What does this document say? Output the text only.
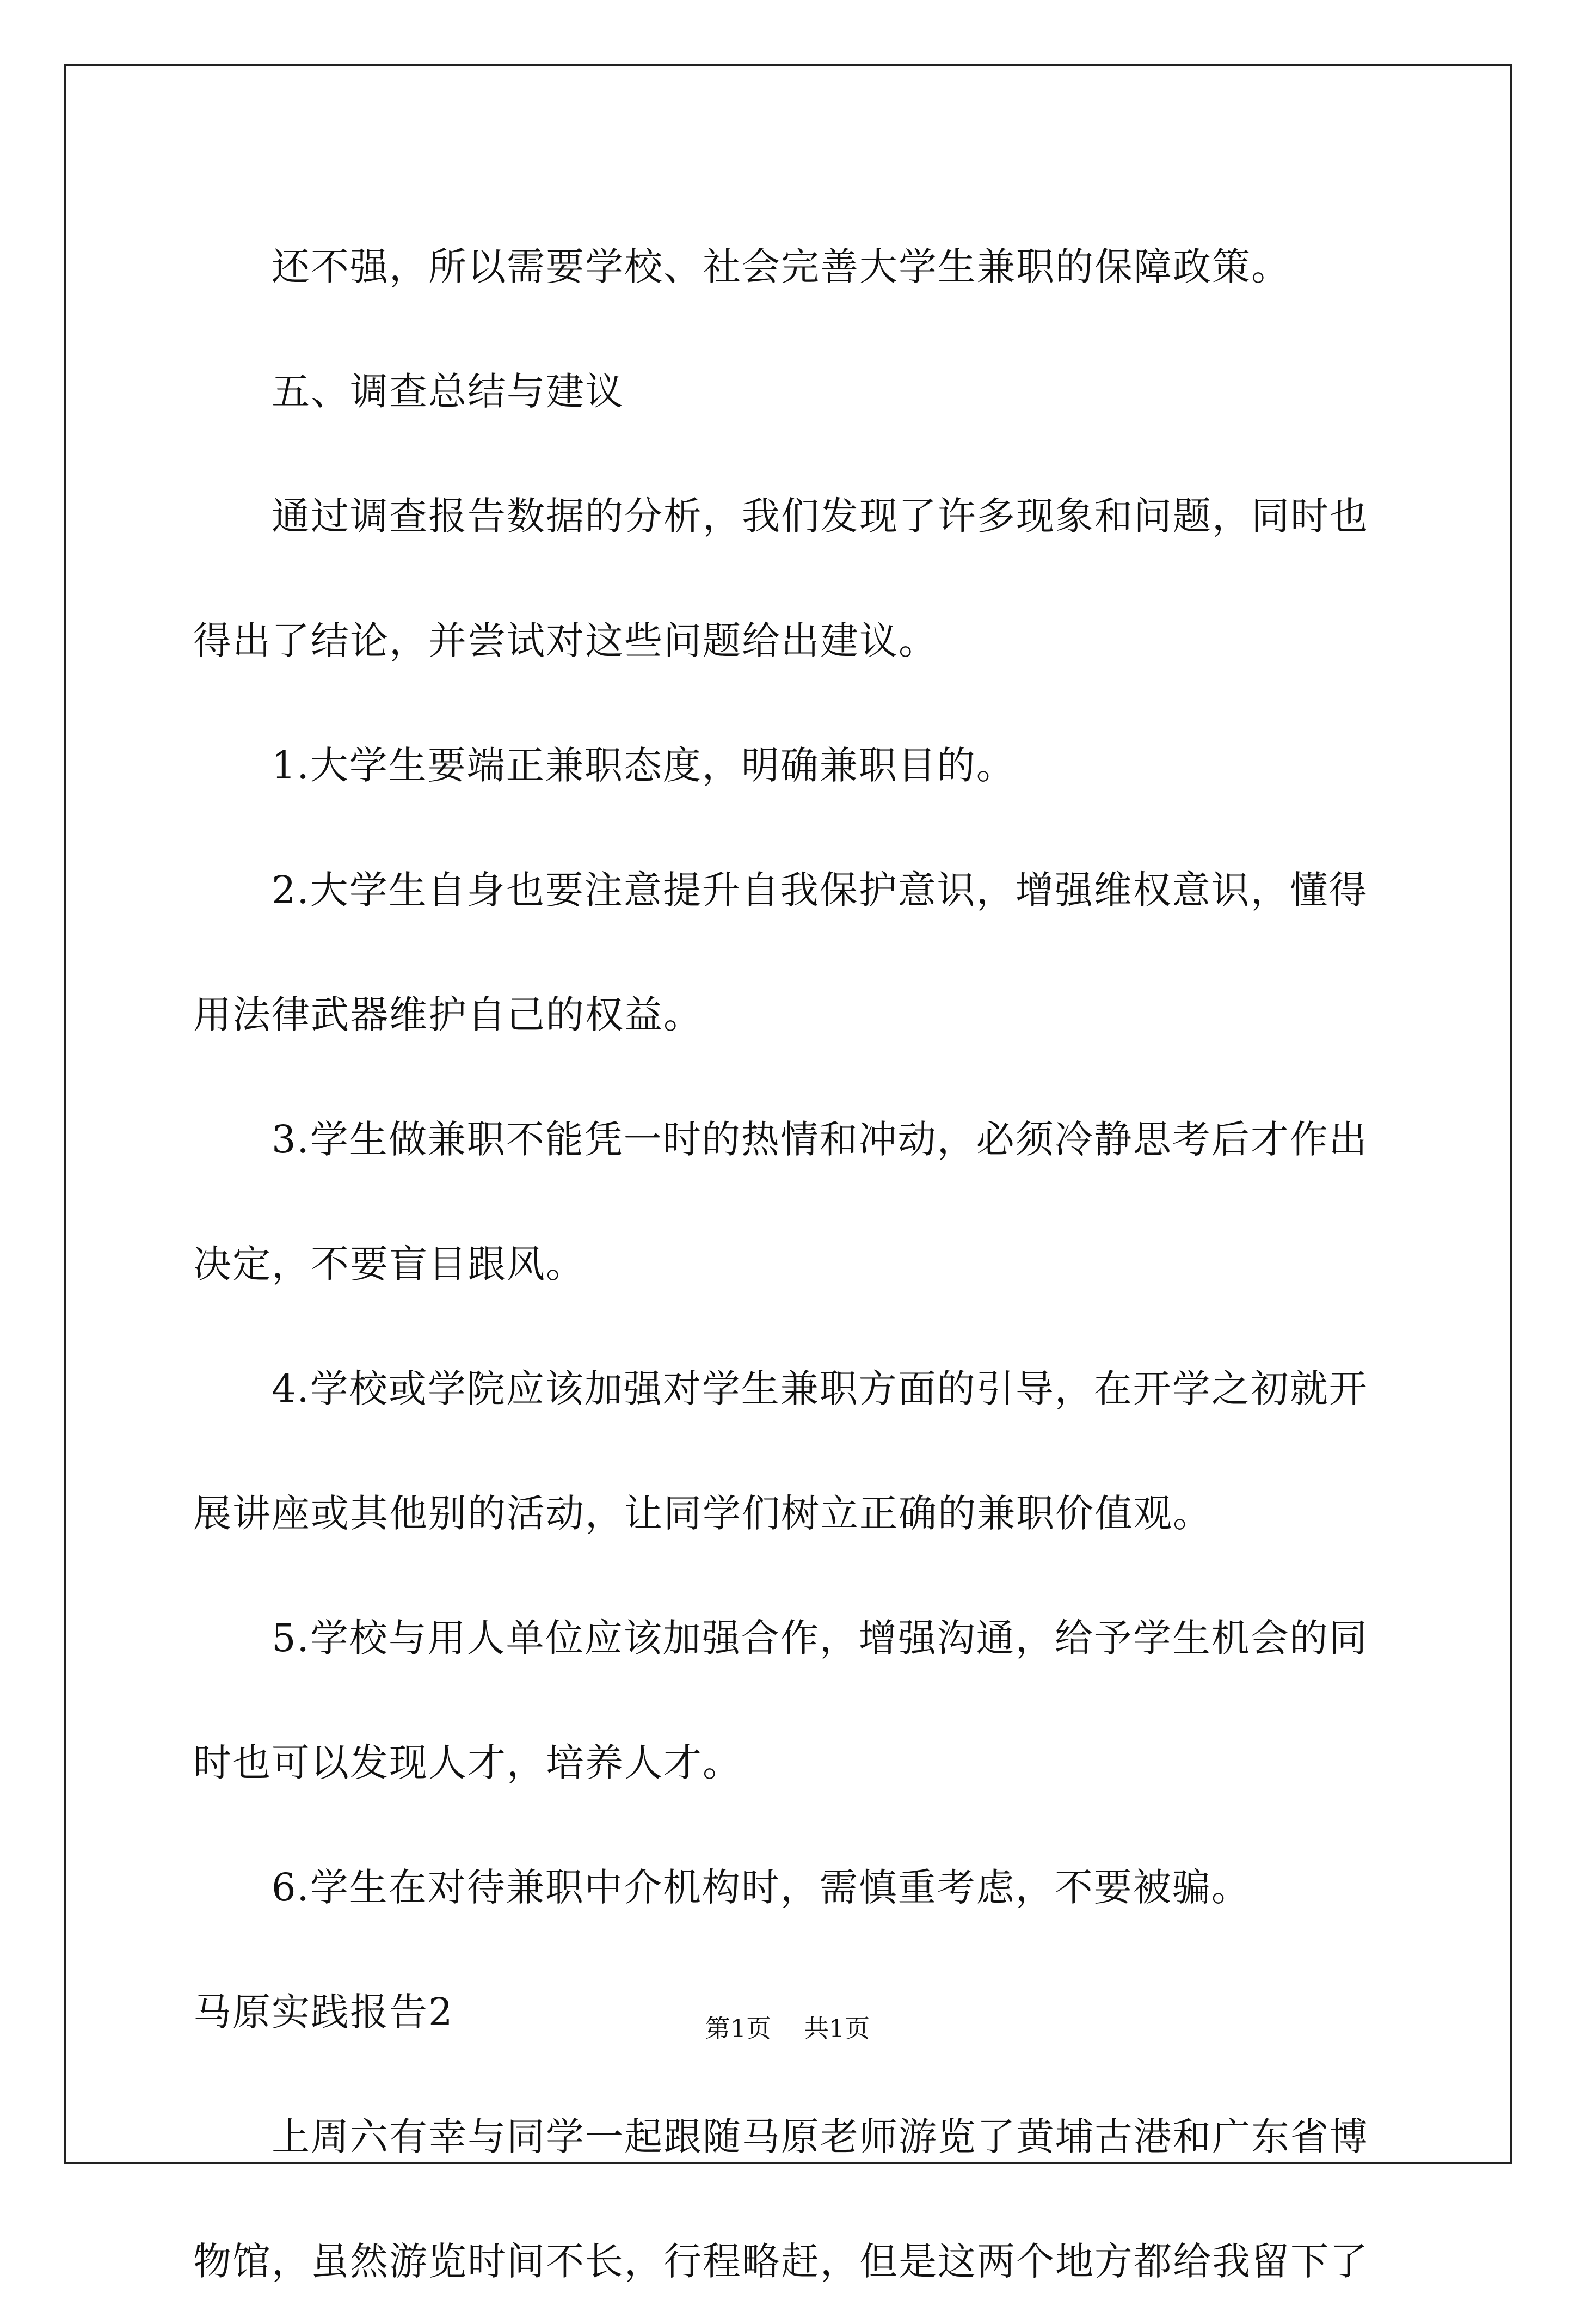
还不强，所以需要学校、社会完善大学生兼职的保障政策。

五、调查总结与建议

通过调查报告数据的分析，我们发现了许多现象和问题，同时也

得出了结论，并尝试对这些问题给出建议。

1.大学生要端正兼职态度，明确兼职目的。

2.大学生自身也要注意提升自我保护意识，增强维权意识，懂得

用法律武器维护自己的权益。

3.学生做兼职不能凭一时的热情和冲动，必须冷静思考后才作出

决定，不要盲目跟风。

4.学校或学院应该加强对学生兼职方面的引导，在开学之初就开

展讲座或其他别的活动，让同学们树立正确的兼职价值观。

5.学校与用人单位应该加强合作，增强沟通，给予学生机会的同

时也可以发现人才，培养人才。

6.学生在对待兼职中介机构时，需慎重考虑，不要被骗。

马原实践报告2

上周六有幸与同学一起跟随马原老师游览了黄埔古港和广东省博

物馆，虽然游览时间不长，行程略赶，但是这两个地方都给我留下了

第1页 共1页
